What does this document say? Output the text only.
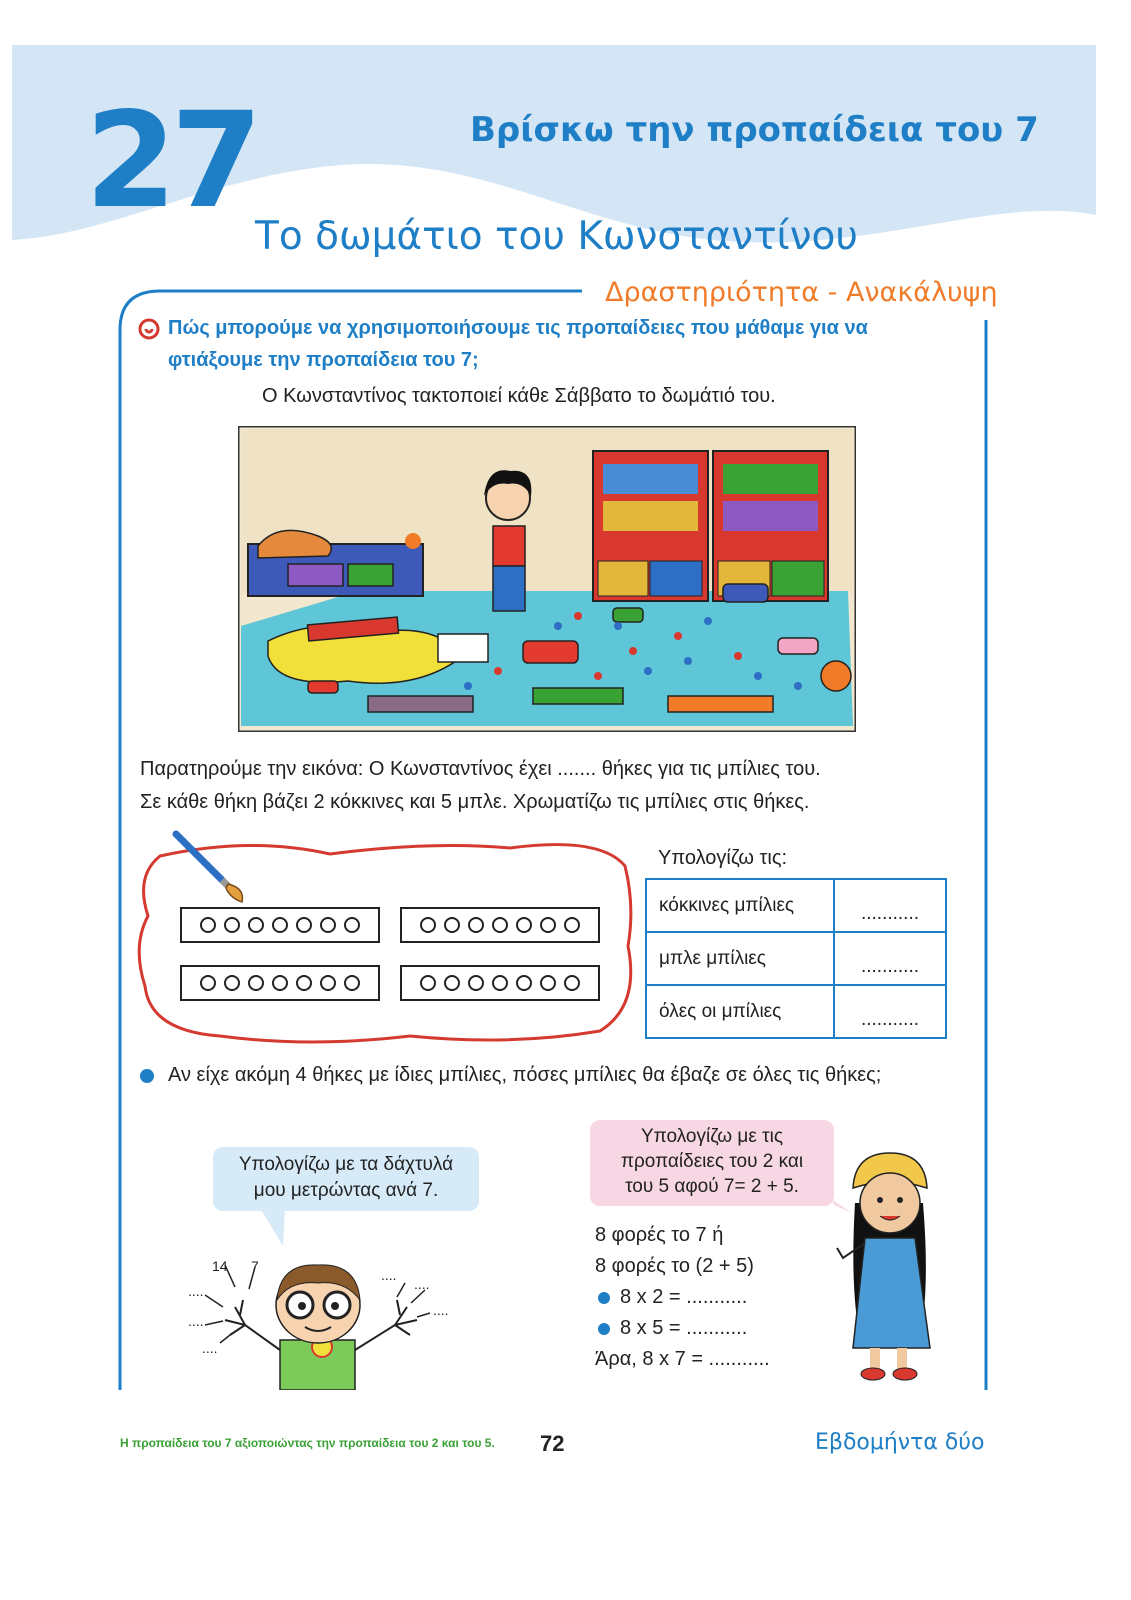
27	Βρίσκω την προπαίδεια του 7
Το δωμάτιο του Κωνσταντίνου
Δραστηριότητα - Ανακάλυψη
Πώς μπορούμε να χρησιμοποιήσουμε τις προπαίδειες που μάθαμε για να
φτιάξουμε την προπαίδεια του 7;
Ο Κωνσταντίνος τακτοποιεί κάθε Σάββατο το δωμάτιό του.
Παρατηρούμε την εικόνα: Ο Κωνσταντίνος έχει ....... θήκες για τις μπίλιες του.
Σε κάθε θήκη βάζει 2 κόκκινες και 5 μπλε. Χρωματίζω τις μπίλιες στις θήκες.
Υπολογίζω τις:
κόκκινες μπίλιες	...........
μπλε μπίλιες	...........
όλες οι μπίλιες	...........
Αν είχε ακόμη 4 θήκες με ίδιες μπίλιες, πόσες μπίλιες θα έβαζε σε όλες τις θήκες;
Υπολογίζω με τα δάχτυλά
μου μετρώντας ανά 7.
14 7
....
....
....
....
....
....
Υπολογίζω με τις
προπαίδειες του 2 και
του 5 αφού 7= 2 + 5.
8 φορές το 7 ή
8 φορές το (2 + 5)
8 x 2 = ...........
8 x 5 = ...........
Άρα, 8 x 7 = ...........
Η προπαίδεια του 7 αξιοποιώντας την προπαίδεια του 2 και του 5. 72	Εβδομήντα δύο
